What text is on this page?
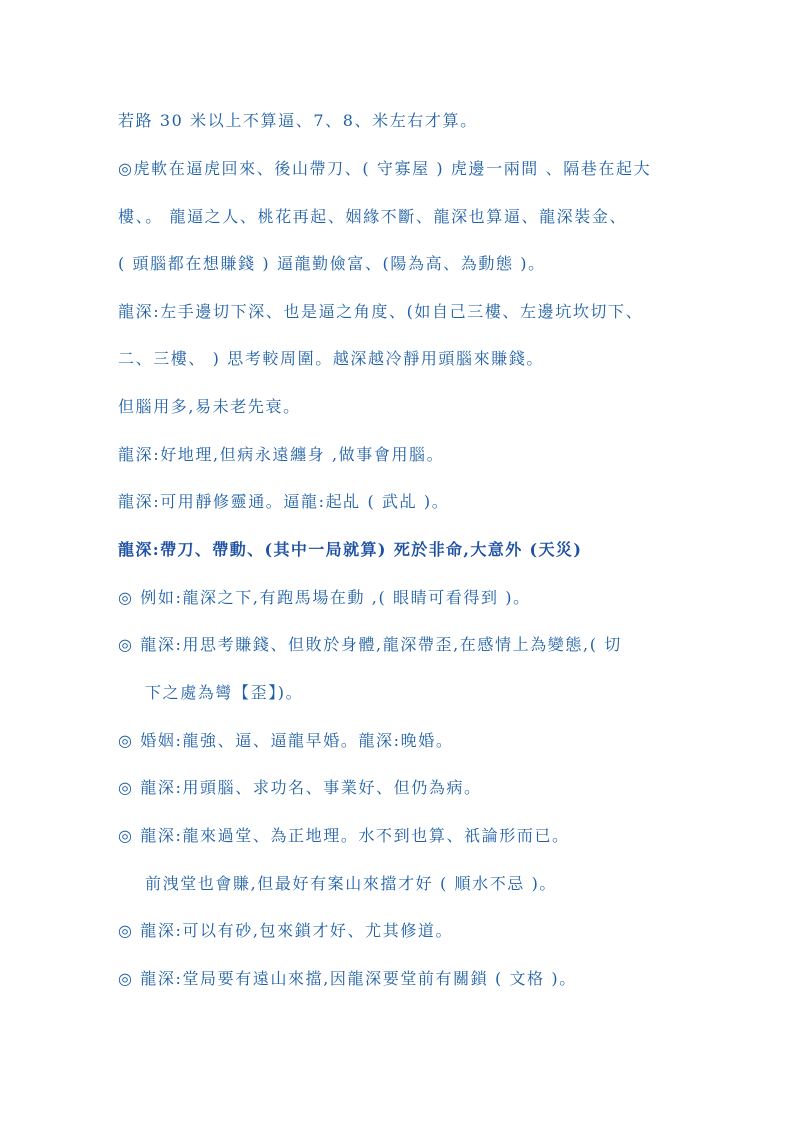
若路 30 米以上不算逼、7、8、米左右才算。
◎虎軟在逼虎回來、後山帶刀、( 守寡屋 ) 虎邊一兩間 、隔巷在起大
樓、。 龍逼之人、桃花再起、姻緣不斷、龍深也算逼、龍深裝金、
( 頭腦都在想賺錢 ) 逼龍勤儉富、(陽為高、為動態 )。
龍深:左手邊切下深、也是逼之角度、(如自己三樓、左邊坑坎切下、
二、三樓、 ) 思考較周圍。越深越冷靜用頭腦來賺錢。
但腦用多,易未老先衰。
龍深:好地理,但病永遠纏身 ,做事會用腦。
龍深:可用靜修靈通。逼龍:起乩 ( 武乩 )。
龍深:帶刀、帶動、(其中一局就算) 死於非命,大意外 (天災)
◎ 例如:龍深之下,有跑馬場在動 ,( 眼睛可看得到 )。
◎ 龍深:用思考賺錢、但敗於身體,龍深帶歪,在感情上為變態,( 切
下之處為彎【歪】)。
◎ 婚姻:龍強、逼、逼龍早婚。龍深:晚婚。
◎ 龍深:用頭腦、求功名、事業好、但仍為病。
◎ 龍深:龍來過堂、為正地理。水不到也算、祇論形而已。
前洩堂也會賺,但最好有案山來擋才好 ( 順水不忌 )。
◎ 龍深:可以有砂,包來鎖才好、尤其修道。
◎ 龍深:堂局要有遠山來擋,因龍深要堂前有關鎖 ( 文格 )。
